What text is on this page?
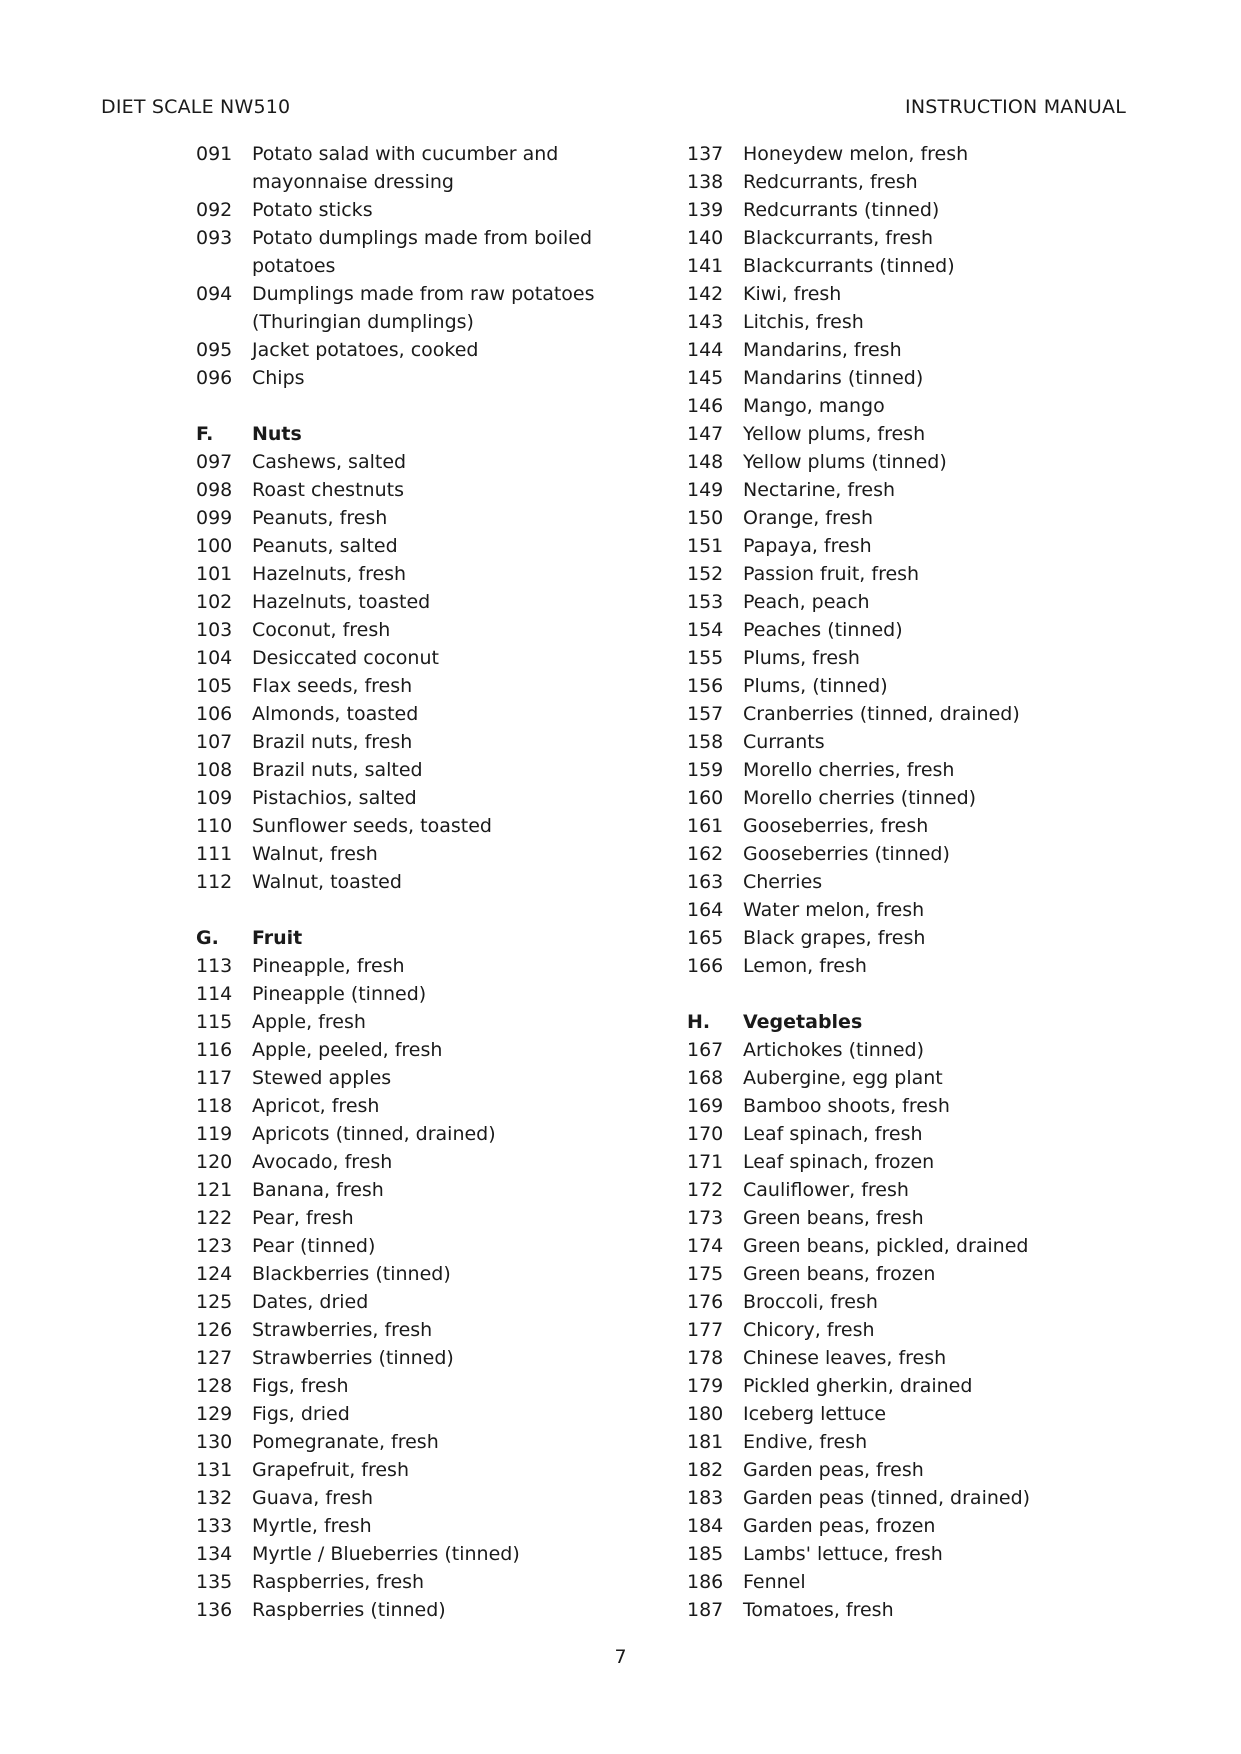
DIET SCALE NW510	INSTRUCTION MANUAL
091	Potato salad with cucumber and
mayonnaise dressing
092	Potato sticks
093	Potato dumplings made from boiled
potatoes
094	Dumplings made from raw potatoes
(Thuringian dumplings)
095	Jacket potatoes, cooked
096	Chips
F.	Nuts
097	Cashews, salted
098	Roast chestnuts
099	Peanuts, fresh
100	Peanuts, salted
101	Hazelnuts, fresh
102	Hazelnuts, toasted
103	Coconut, fresh
104	Desiccated coconut
105	Flax seeds, fresh
106	Almonds, toasted
107	Brazil nuts, fresh
108	Brazil nuts, salted
109	Pistachios, salted
110	Sunflower seeds, toasted
111	Walnut, fresh
112	Walnut, toasted
G.	Fruit
113	Pineapple, fresh
114	Pineapple (tinned)
115	Apple, fresh
116	Apple, peeled, fresh
117	Stewed apples
118	Apricot, fresh
119	Apricots (tinned, drained)
120	Avocado, fresh
121	Banana, fresh
122	Pear, fresh
123	Pear (tinned)
124	Blackberries (tinned)
125	Dates, dried
126	Strawberries, fresh
127	Strawberries (tinned)
128	Figs, fresh
129	Figs, dried
130	Pomegranate, fresh
131	Grapefruit, fresh
132	Guava, fresh
133	Myrtle, fresh
134	Myrtle / Blueberries (tinned)
135	Raspberries, fresh
136	Raspberries (tinned)
137	Honeydew melon, fresh
138	Redcurrants, fresh
139	Redcurrants (tinned)
140	Blackcurrants, fresh
141	Blackcurrants (tinned)
142	Kiwi, fresh
143	Litchis, fresh
144	Mandarins, fresh
145	Mandarins (tinned)
146	Mango, mango
147	Yellow plums, fresh
148	Yellow plums (tinned)
149	Nectarine, fresh
150	Orange, fresh
151	Papaya, fresh
152	Passion fruit, fresh
153	Peach, peach
154	Peaches (tinned)
155	Plums, fresh
156	Plums, (tinned)
157	Cranberries (tinned, drained)
158	Currants
159	Morello cherries, fresh
160	Morello cherries (tinned)
161	Gooseberries, fresh
162	Gooseberries (tinned)
163	Cherries
164	Water melon, fresh
165	Black grapes, fresh
166	Lemon, fresh
H.	Vegetables
167	Artichokes (tinned)
168	Aubergine, egg plant
169	Bamboo shoots, fresh
170	Leaf spinach, fresh
171	Leaf spinach, frozen
172	Cauliflower, fresh
173	Green beans, fresh
174	Green beans, pickled, drained
175	Green beans, frozen
176	Broccoli, fresh
177	Chicory, fresh
178	Chinese leaves, fresh
179	Pickled gherkin, drained
180	Iceberg lettuce
181	Endive, fresh
182	Garden peas, fresh
183	Garden peas (tinned, drained)
184	Garden peas, frozen
185	Lambs' lettuce, fresh
186	Fennel
187	Tomatoes, fresh
7
